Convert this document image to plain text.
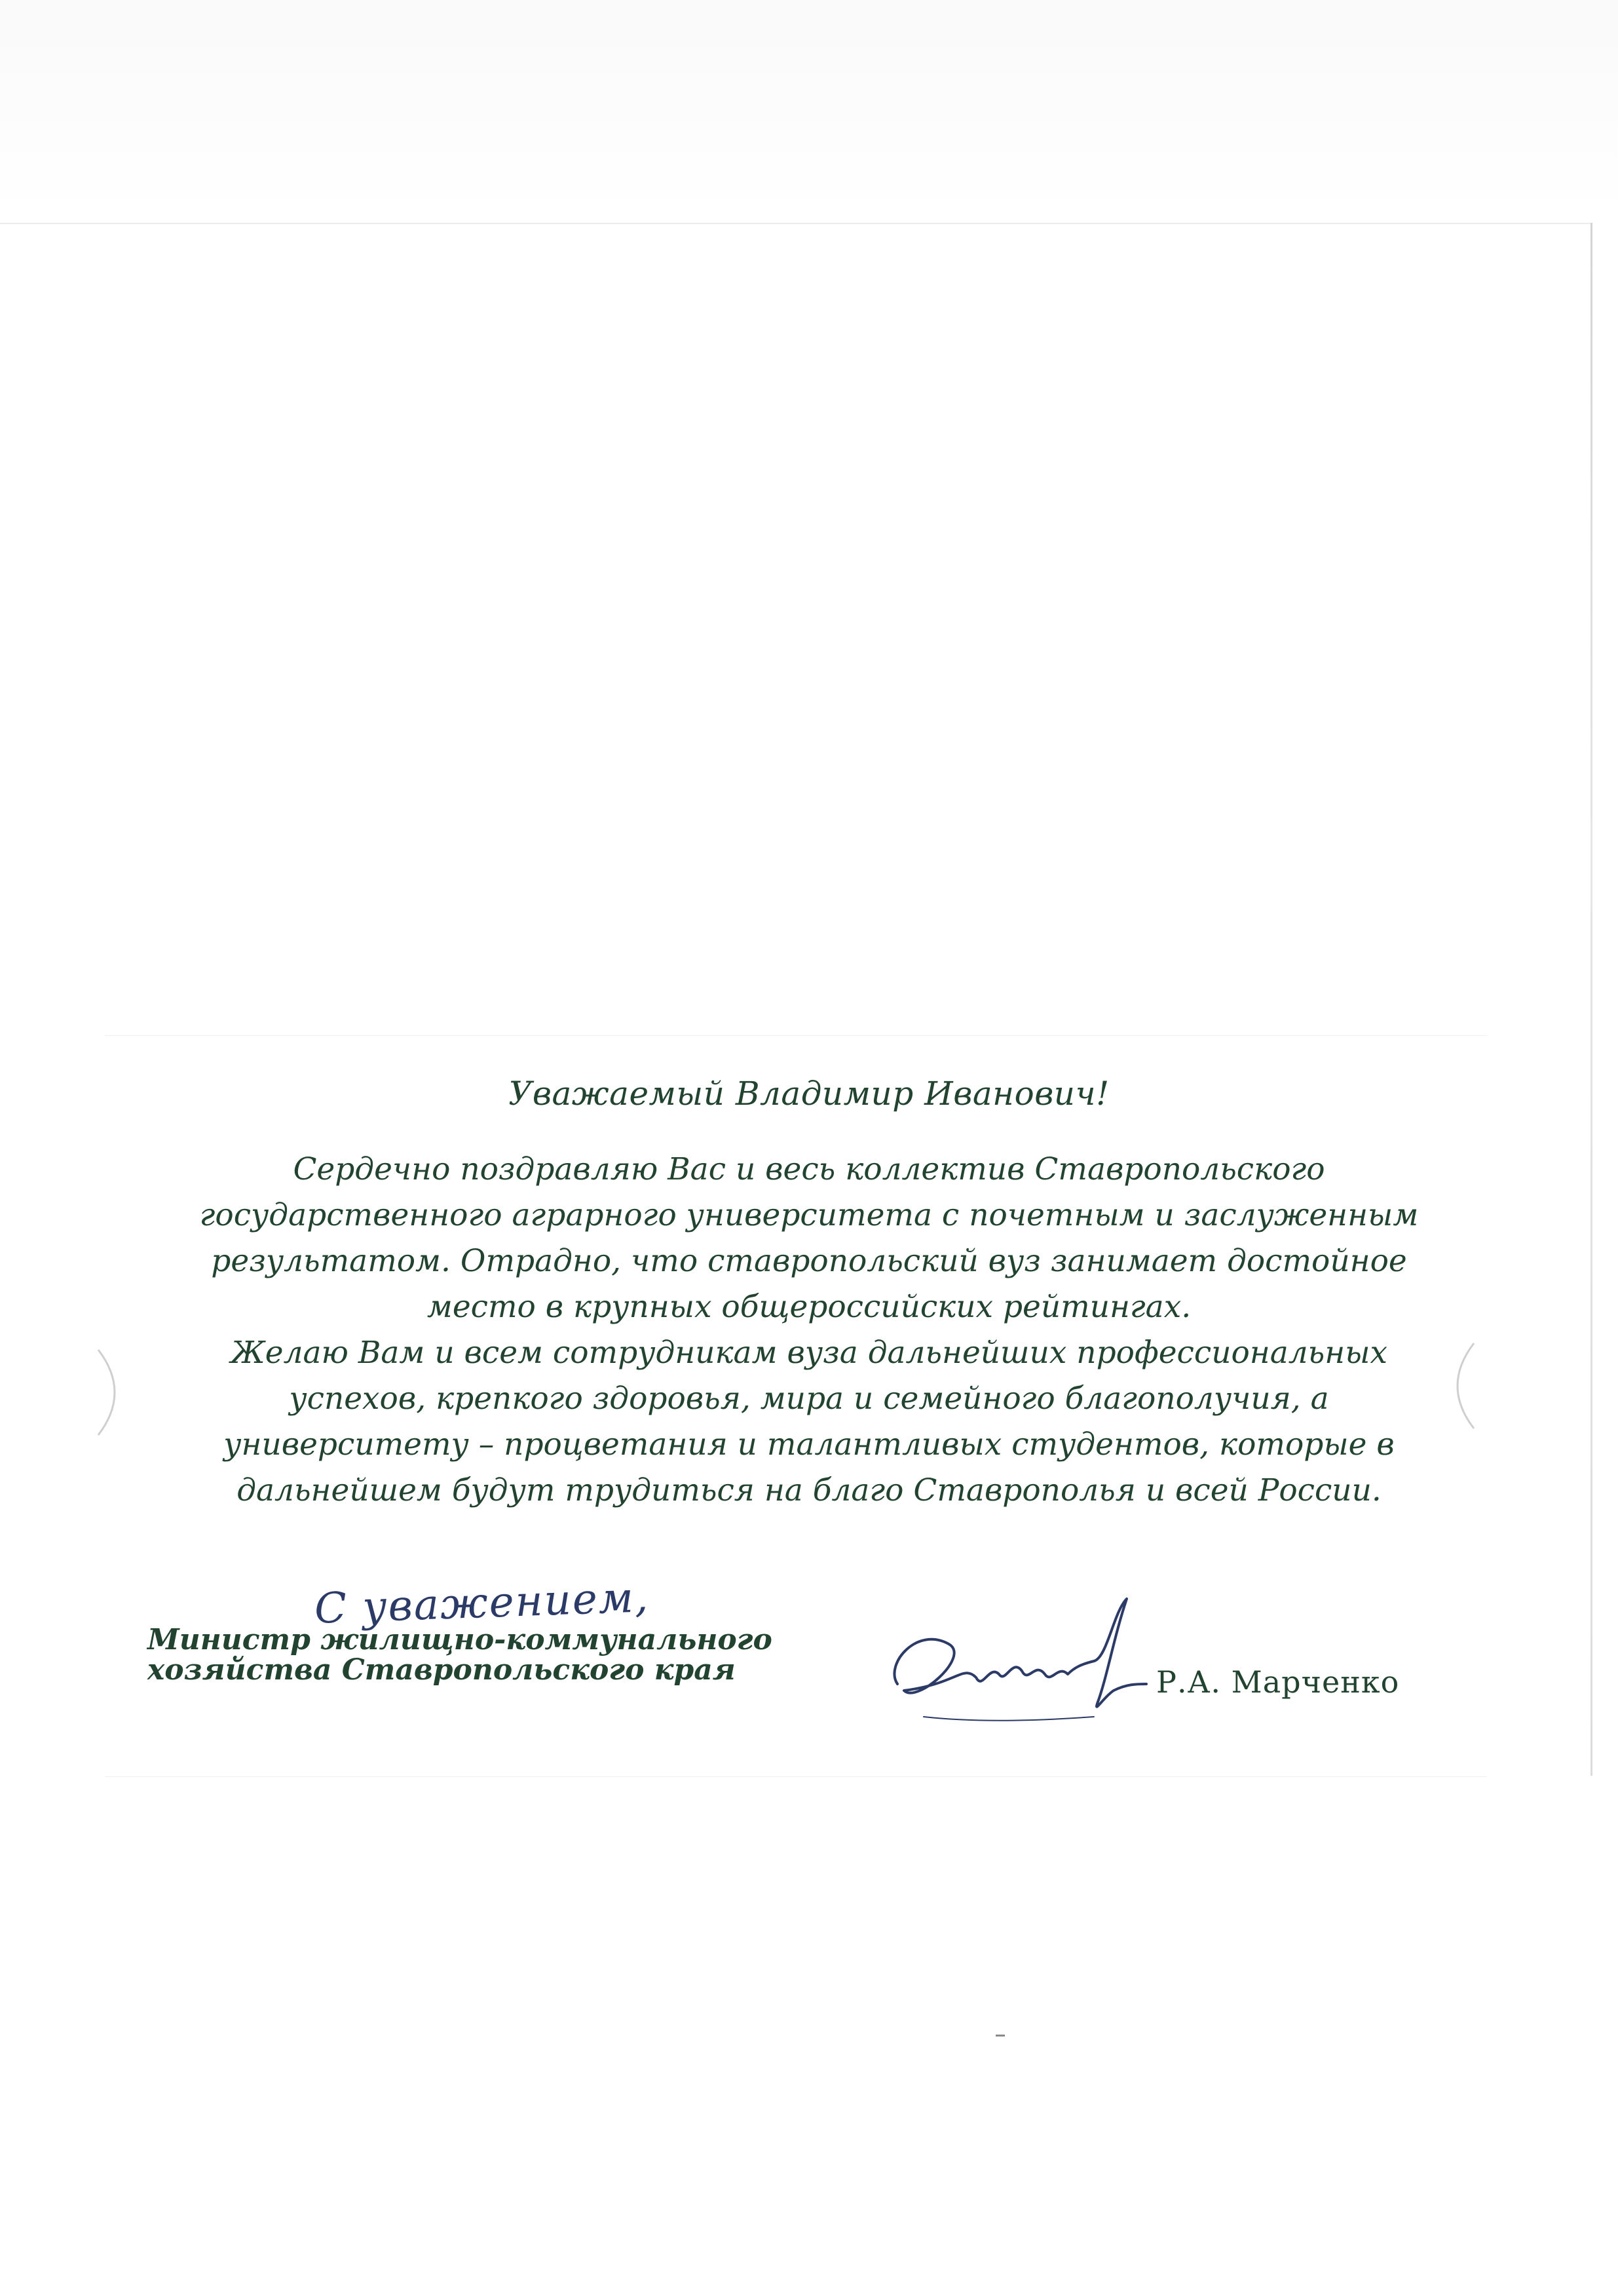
Уважаемый Владимир Иванович!

Сердечно поздравляю Вас и весь коллектив Ставропольского

государственного аграрного университета с почетным и заслуженным

результатом. Отрадно, что ставропольский вуз занимает достойное

место в крупных общероссийских рейтингах.

Желаю Вам и всем сотрудникам вуза дальнейших профессиональных

успехов, крепкого здоровья, мира и семейного благополучия, а

университету – процветания и талантливых студентов, которые в

дальнейшем будут трудиться на благо Ставрополья и всей России.

С уважением,
Министр жилищно-коммунального
хозяйства Ставропольского края	Р.А. Марченко
